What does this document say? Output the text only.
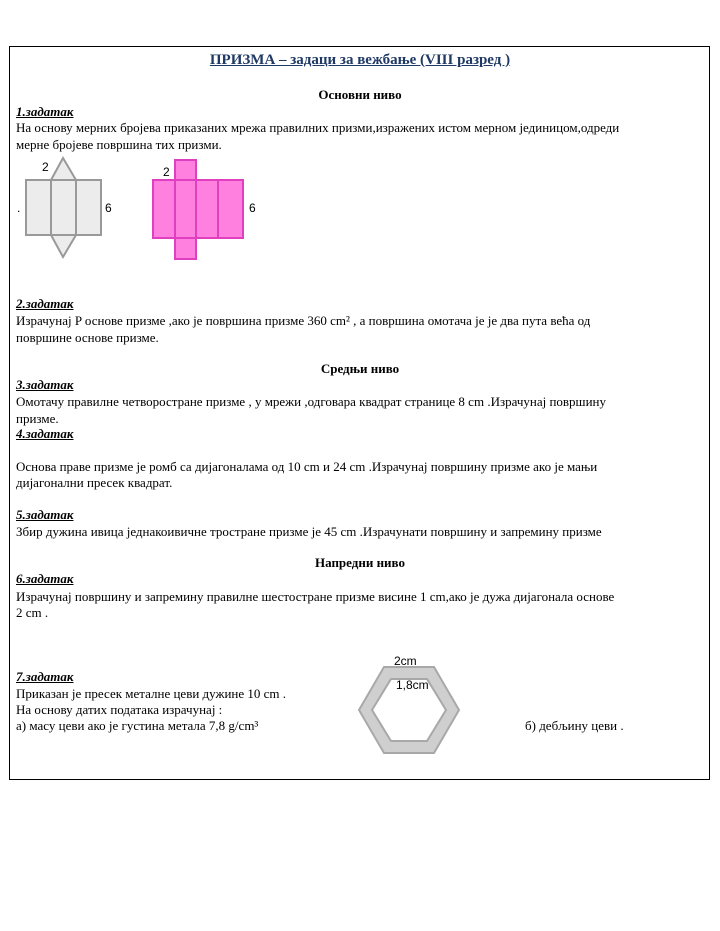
ПРИЗМА – задаци за вежбање (VIII разред )
Основни ниво
1.задатак
На основу мерних бројева приказаних мрежа правилних призми,изражених истом мерном јединицом,одреди
мерне бројеве површина тих призми.
2
6
.
2
6
2.задатак
Израчунај P основе призме ,ако је површина призме 360 cm² , а површина омотача је је два пута већа од
површине основе призме.
Средњи ниво
3.задатак
Омотачу правилне четворостране призме , у мрежи ,одговара квадрат странице 8 cm .Израчунај површину
призме.
4.задатак
Основа праве призме је ромб са дијагоналама од 10 cm и 24 cm .Израчунај површину призме ако је мањи
дијагонални пресек квадрат.
5.задатак
Збир дужина ивица једнакоивичне тростране призме је 45 cm .Израчунати површину и запремину призме
Напредни ниво
6.задатак
Израчунај површину и запремину правилне шестостране призме висине 1 cm,ако је дужа дијагонала основе
2 cm .
2cm
1,8cm
7.задатак
Приказан је пресек металне цеви дужине 10 cm .
На основу датих података израчунај :
а) масу цеви ако је густина метала 7,8 g/cm³	б) дебљину цеви .
